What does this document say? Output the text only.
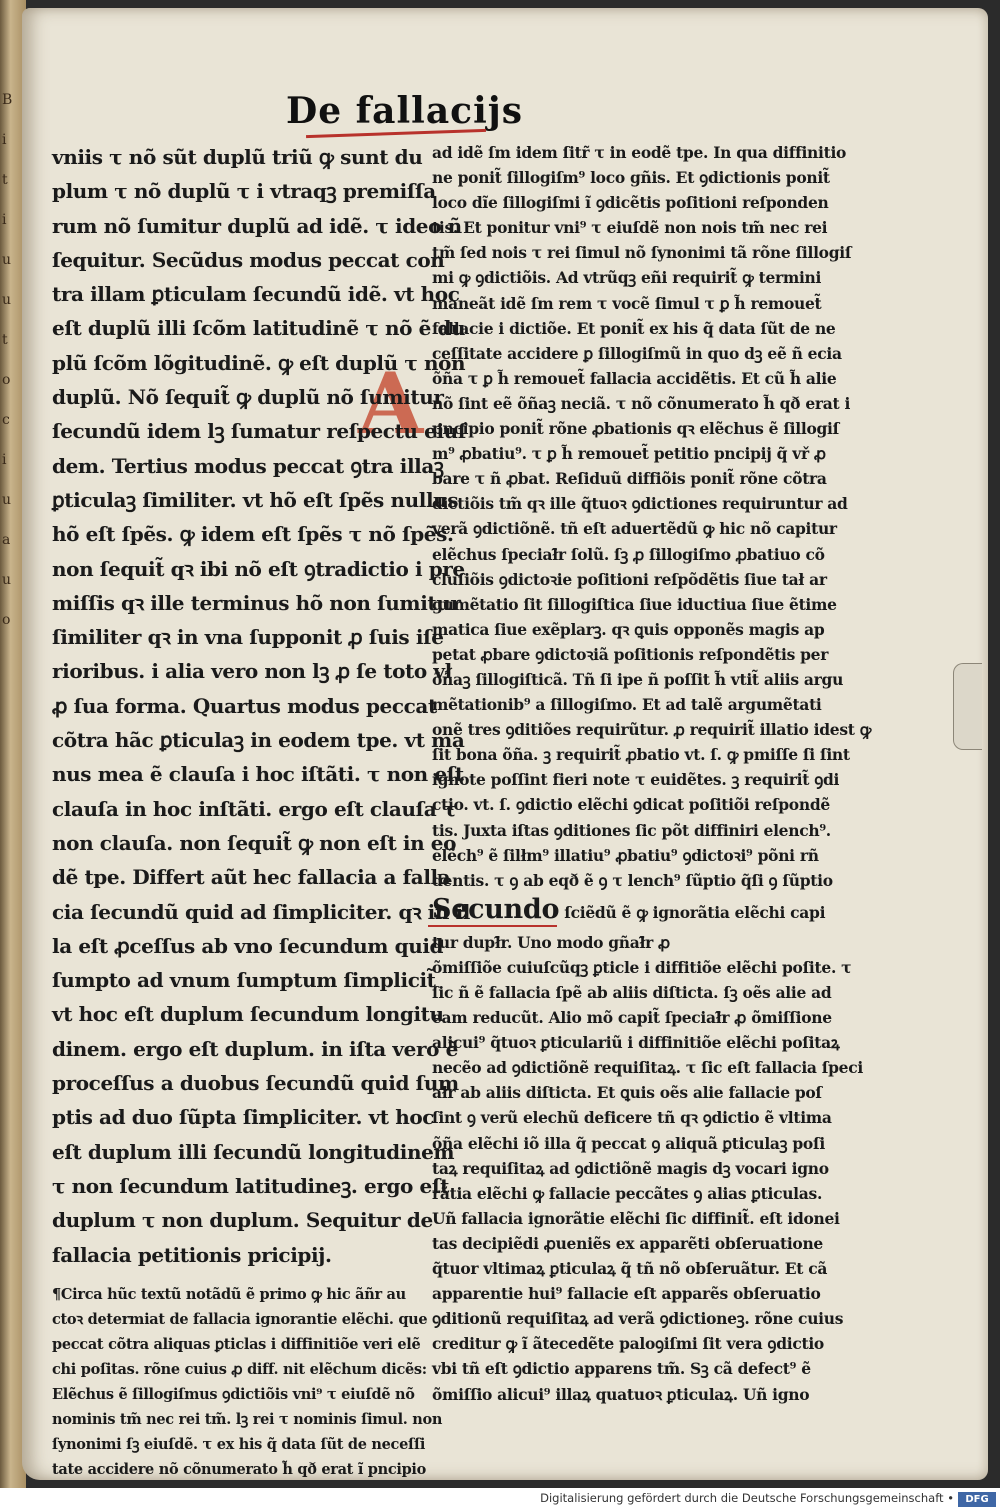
B
i
t
i
u
u
t
o
c
i
u
a
u
o
De fallacijs
A
vniis τ nõ sũt duplũ triũ ꝙ sunt du
plum τ nõ duplũ τ i vtraqꝫ premiſſa
rum nõ ſumitur duplũ ad idẽ. τ ideo ñ
ſequitur. Secũdus modus peccat con
tra illam ꝑticulam ſecundũ idẽ. vt hoc
eſt duplũ illi ſcõm latitudinẽ τ nõ ẽ du
plũ ſcõm lõgitudinẽ. ꝙ eſt duplũ τ non
duplũ. Nõ ſequit̃ ꝙ duplũ nõ ſumitur
ſecundũ idem lꝫ ſumatur reſpectu eiuſ
dem. Tertius modus peccat ꝯtra illaꝫ
ꝑticulaꝫ ſimiliter. vt hõ eſt ſpẽs nullus
hõ eſt ſpẽs. ꝙ idem eſt ſpẽs τ nõ ſpẽs.
non ſequit̃ qꝛ ibi nõ eſt ꝯtradictio i pre
miſſis qꝛ ille terminus hõ non ſumitur
ſimiliter qꝛ in vna ſupponit ꝓ ſuis iſe
rioribus. i alia vero non lꝫ ꝓ ſe toto vł
ꝓ ſua forma. Quartus modus peccat
cõtra hãc ꝑticulaꝫ in eodem tpe. vt ma
nus mea ẽ clauſa i hoc iſtãti. τ non eſt
clauſa in hoc inſtãti. ergo eſt clauſa τ
non clauſa. non ſequit̃ ꝙ non eſt in eo
dẽ tpe. Differt aũt hec fallacia a falla
cia ſecundũ quid ad ſimpliciter. qꝛ in il
la eſt ꝓceſſus ab vno ſecundum quid
ſumpto ad vnum ſumptum ſimplicit̃
vt hoc eſt duplum ſecundum longitu
dinem. ergo eſt duplum. in iſta vero ẽ
proceſſus a duobus ſecundũ quid ſum
ptis ad duo ſũpta ſimpliciter. vt hoc
eſt duplum illi ſecundũ longitudinem
τ non ſecundum latitudineꝫ. ergo eſt
duplum τ non duplum. Sequitur de
fallacia petitionis pricipij.
¶Circa hũc textũ notãdũ ẽ primo ꝙ hic ãñr au
ctoꝛ determiat de fallacia ignorantie elẽchi. que
peccat cõtra aliquas ꝑticlas i diffinitiõe veri elẽ
chi poſitas. rõne cuius ꝓ diff. nit elẽchum dicẽs:
Elẽchus ẽ ſillogiſmus ꝯdictiõis vni⁹ τ eiuſdẽ nõ
nominis tm̃ nec rei tm̃. lꝫ rei τ nominis ſimul. non
ſynonimi ſꝫ eiuſdẽ. τ ex his q̃ data ſũt de neceſſi
tate accidere nõ cõnumerato h̃ qð erat ĩ pncipio
ad idẽ ſm idem ſitr̃ τ in eodẽ tpe. In qua diffinitio
ne ponit̃ ſillogiſm⁹ loco gñis. Et ꝯdictionis ponit̃
loco dĩe ſillogiſmi ĩ ꝯdicẽtis poſitioni reſponden
tis. Et ponitur vni⁹ τ eiuſdẽ non nois tm̃ nec rei
tm̃ ſed nois τ rei ſimul nõ ſynonimi tã rõne ſillogiſ
mi ꝙ ꝯdictiõis. Ad vtrũqꝫ eñi requirit̃ ꝙ termini
maneãt idẽ ſm rem τ vocẽ ſimul τ ꝑ h̃ remouet̃
fallacie i dictiõe. Et ponit̃ ex his q̃ data ſũt de ne
ceſſitate accidere ꝑ ſillogiſmũ in quo dꝫ eẽ ñ ecia
õña τ ꝑ h̃ remouet̃ fallacia accidẽtis. Et cũ h̃ alie
nõ ſint eẽ õñaꝫ neciã. τ nõ cõnumerato h̃ qð erat i
pncipio ponit̃ rõne ꝓbationis qꝛ elẽchus ẽ ſillogiſ
m⁹ ꝓbatiu⁹. τ ꝑ h̃ remouet̃ petitio pncipij q̃ vř ꝓ
bare τ ñ ꝓbat. Reſiduũ diffiõis ponit̃ rõne cõtra
dictiõis tm̃ qꝛ ille q̃tuoꝛ ꝯdictiones requiruntur ad
verã ꝯdictiõnẽ. tñ eſt aduertẽdũ ꝙ hic nõ capitur
elẽchus ſpeciał̃r ſolũ. ſꝫ ꝓ ſillogiſmo ꝓbatiuo cõ
cluſiõis ꝯdictoꝛie poſitioni reſpõdẽtis ſiue tał ar
gumẽtatio ſit ſillogiſtica ſiue iductiua ſiue ẽtime
matica ſiue exẽplarꝫ. qꝛ ꝗuis opponẽs magis ap
petat ꝓbare ꝯdictoꝛiã poſitionis reſpondẽtis per
õñaꝫ ſillogiſticã. Tñ ſi ipe ñ poſſit h̃ vtit̃ aliis argu
mẽtationib⁹ a ſillogiſmo. Et ad talẽ argumẽtati
onẽ tres ꝯditiões requirũtur. ꝓ requirit̃ illatio idest ꝙ
ſit bona õña. ꝫ requirit̃ ꝓbatio vt. ſ. ꝙ pmiſſe ſi ſint
ignote poſſint fieri note τ euidẽtes. ꝫ requirit̃ ꝯdi
ctio. vt. ſ. ꝯdictio elẽchi ꝯdicat poſitiõi reſpondẽ
tis. Juxta iſtas ꝯditiones ſic põt diffiniri elench⁹.
elẽch⁹ ẽ ſilłm⁹ illatiu⁹ ꝓbatiu⁹ ꝯdictoꝛi⁹ põni rñ
dentis. τ ꝯ ab eqð ẽ ꝯ τ lench⁹ ſũptio q̃ſi ꝯ ſũptio
Secundo ſciẽdũ ẽ ꝙ ignorãtia elẽchi capi
tur dupł̃r. Uno modo gñał̃r ꝓ
õmiſſiõe cuiuſcũqꝫ ꝑticle i diffitiõe elẽchi poſite. τ
ſic ñ ẽ fallacia ſpẽ ab aliis diſticta. ſꝫ oẽs alie ad
eam reducũt. Alio mõ capit̃ ſpeciał̃r ꝓ õmiſſione
alicui⁹ q̃tuoꝛ ꝑticulariũ i diffinitiõe elẽchi poſitaꝝ
necẽo ad ꝯdictiõnẽ requiſitaꝝ. τ ſic eſt fallacia ſpeci
ał̃r ab aliis diſticta. Et ꝗuis oẽs alie fallacie poſ
ſint ꝯ verũ elechũ deficere tñ qꝛ ꝯdictio ẽ vltima
õña elẽchi iõ illa q̃ peccat ꝯ aliquã ꝑticulaꝫ poſi
taꝝ requiſitaꝝ ad ꝯdictiõnẽ magis dꝫ vocari igno
rãtia elẽchi ꝙ fallacie peccãtes ꝯ alias ꝑticulas.
Uñ fallacia ignorãtie elẽchi ſic diffinit̃. eſt idonei
tas decipiẽdi ꝓueniẽs ex apparẽti obſeruatione
q̃tuor vltimaꝝ ꝑticulaꝝ q̃ tñ nõ obſeruãtur. Et cã
apparentie hui⁹ fallacie eſt apparẽs obſeruatio
ꝯditionũ requiſitaꝝ ad verã ꝯdictioneꝫ. rõne cuius
creditur ꝙ ĩ ãtecedẽte paloꝯiſmi ſit vera ꝯdictio
vbi tñ eſt ꝯdictio apparens tm̃. Sꝫ cã defect⁹ ẽ
õmiſſio alicui⁹ illaꝝ quatuoꝛ ꝑticulaꝝ. Uñ igno
Digitalisierung gefördert durch die Deutsche Forschungsgemeinschaft •	DFG
